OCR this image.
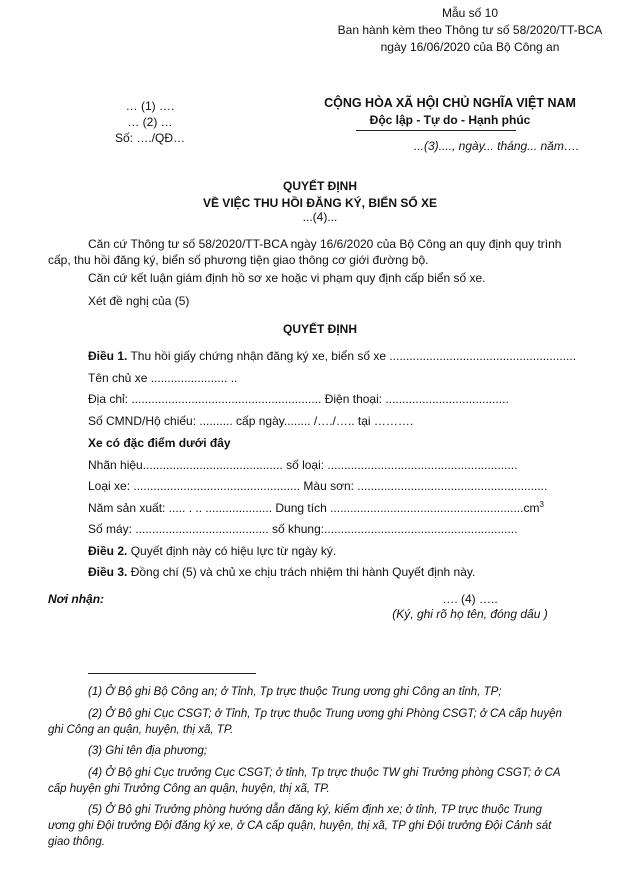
Mẫu số 10
Ban hành kèm theo Thông tư số 58/2020/TT-BCA
ngày 16/06/2020 của Bộ Công an
… (1) ….
… (2) …
Số: …./QĐ…
CỘNG HÒA XÃ HỘI CHỦ NGHĨA VIỆT NAM
Độc lập - Tự do - Hạnh phúc
...(3)...., ngày... tháng... năm….
QUYẾT ĐỊNH
VỀ VIỆC THU HỒI ĐĂNG KÝ, BIỂN SỐ XE
...(4)...
Căn cứ Thông tư số 58/2020/TT-BCA ngày 16/6/2020 của Bộ Công an quy định quy trình
cấp, thu hồi đăng ký, biển số phương tiện giao thông cơ giới đường bộ.
Căn cứ kết luận giám định hồ sơ xe hoặc vi phạm quy định cấp biển số xe.
Xét đề nghị của (5)
QUYẾT ĐỊNH
Điều 1. Thu hồi giấy chứng nhận đăng ký xe, biển số xe ........................................................
Tên chủ xe ....................... ..
Địa chỉ: ......................................................... Điện thoại: .....................................
Số CMND/Hộ chiếu: .......... cấp ngày........ /…./….. tại ……….
Xe có đặc điểm dưới đây
Nhãn hiệu.......................................... số loại: .........................................................
Loại xe: .................................................. Màu sơn: .........................................................
Năm sản xuất: ..... . .. .................... Dung tích $..........................................................cm^3$
Số máy: ........................................ số khung:..........................................................
Điều 2. Quyết định này có hiệu lực từ ngày ký.
Điều 3. Đồng chí (5) và chủ xe chịu trách nhiệm thi hành Quyết định này.
Nơi nhận:	…. (4) …..
(Ký, ghi rõ họ tên, đóng dấu )
(1) Ở Bộ ghi Bộ Công an; ở Tỉnh, Tp trực thuộc Trung ương ghi Công an tỉnh, TP;
(2) Ở Bộ ghi Cục CSGT; ở Tỉnh, Tp trực thuộc Trung ương ghi Phòng CSGT; ở CA cấp huyện
ghi Công an quận, huyện, thị xã, TP.
(3) Ghi tên địa phương;
(4) Ở Bộ ghi Cục trưởng Cục CSGT; ở tỉnh, Tp trực thuộc TW ghi Trưởng phòng CSGT; ở CA
cấp huyện ghi Trưởng Công an quận, huyện, thị xã, TP.
(5) Ở Bộ ghi Trưởng phòng hướng dẫn đăng ký, kiểm định xe; ở tỉnh, TP trực thuộc Trung
ương ghi Đội trưởng Đội đăng ký xe, ở CA cấp quận, huyện, thị xã, TP ghi Đội trưởng Đội Cảnh sát
giao thông.
